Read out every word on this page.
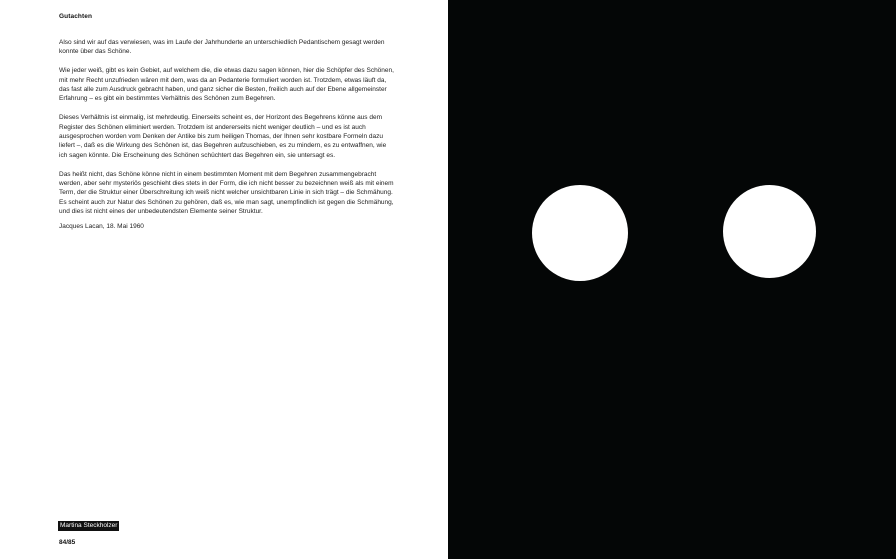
Gutachten

Also sind wir auf das verwiesen, was im Laufe der Jahrhunderte an unterschiedlich Pedantischem gesagt werden konnte über das Schöne.

Wie jeder weiß, gibt es kein Gebiet, auf welchem die, die etwas dazu sagen können, hier die Schöpfer des Schönen, mit mehr Recht unzufrieden wären mit dem, was da an Pedanterie formuliert worden ist. Trotzdem, etwas läuft da, das fast alle zum Ausdruck gebracht haben, und ganz sicher die Besten, freilich auch auf der Ebene allgemeinster Erfahrung – es gibt ein bestimmtes Verhältnis des Schönen zum Begehren.

Dieses Verhältnis ist einmalig, ist mehrdeutig. Einerseits scheint es, der Horizont des Begehrens könne aus dem Register des Schönen eliminiert werden. Trotzdem ist andererseits nicht weniger deutlich – und es ist auch ausgesprochen worden vom Denken der Antike bis zum heiligen Thomas, der Ihnen sehr kostbare Formeln dazu liefert –, daß es die Wirkung des Schönen ist, das Begehren aufzuschieben, es zu mindern, es zu entwaffnen, wie ich sagen könnte. Die Erscheinung des Schönen schüchtert das Begehren ein, sie untersagt es.

Das heißt nicht, das Schöne könne nicht in einem bestimmten Moment mit dem Begehren zusammengebracht werden, aber sehr mysteriös geschieht dies stets in der Form, die ich nicht besser zu bezeichnen weiß als mit einem Term, der die Struktur einer Überschreitung ich weiß nicht welcher unsichtbaren Linie in sich trägt – die Schmähung. Es scheint auch zur Natur des Schönen zu gehören, daß es, wie man sagt, unempfindlich ist gegen die Schmähung, und dies ist nicht eines der unbedeutendsten Elemente seiner Struktur.

Jacques Lacan, 18. Mai 1960
Martina Steckholzer
84/85
